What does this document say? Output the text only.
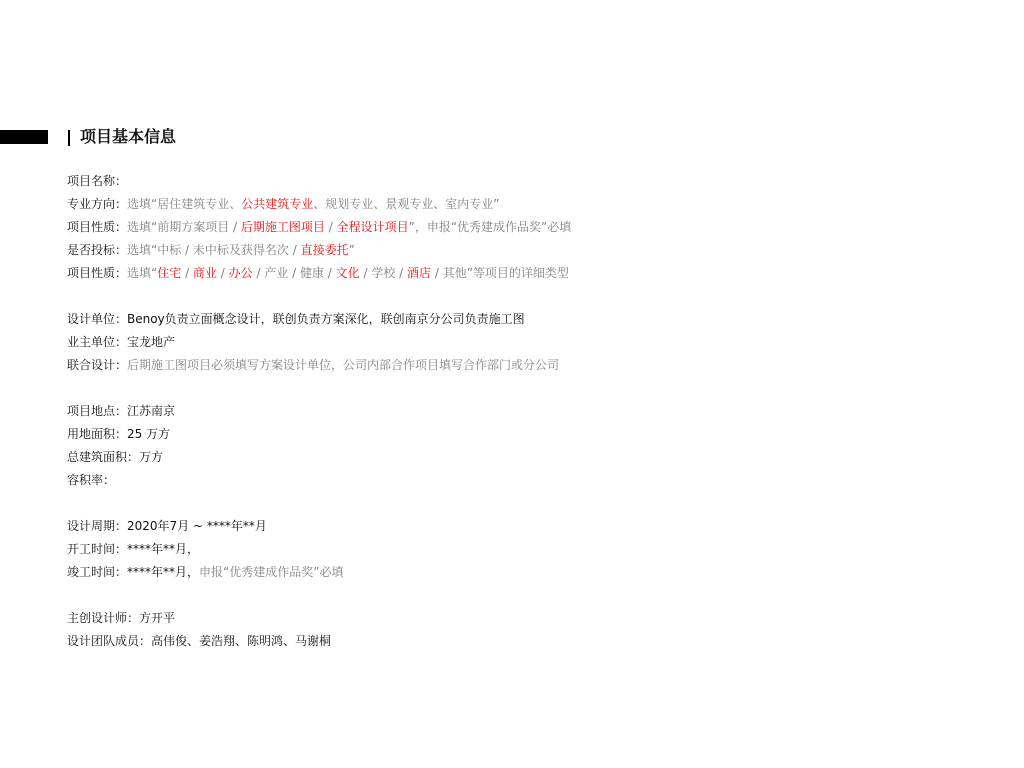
项目基本信息
项目名称：
专业方向：选填“居住建筑专业、公共建筑专业、规划专业、景观专业、室内专业”
项目性质：选填“前期方案项目 / 后期施工图项目 / 全程设计项目”，申报“优秀建成作品奖”必填
是否投标：选填“中标 / 未中标及获得名次 / 直接委托”
项目性质：选填“住宅 / 商业 / 办公 / 产业 / 健康 / 文化 / 学校 / 酒店 / 其他”等项目的详细类型
设计单位：Benoy负责立面概念设计，联创负责方案深化，联创南京分公司负责施工图
业主单位：宝龙地产
联合设计：后期施工图项目必须填写方案设计单位，公司内部合作项目填写合作部门或分公司
项目地点：江苏南京
用地面积：25 万方
总建筑面积：万方
容积率：
设计周期：2020年7月 ~ ****年**月
开工时间：****年**月，
竣工时间：****年**月，申报“优秀建成作品奖”必填
主创设计师：方开平
设计团队成员：高伟俊、姜浩翔、陈明鸿、马谢桐
